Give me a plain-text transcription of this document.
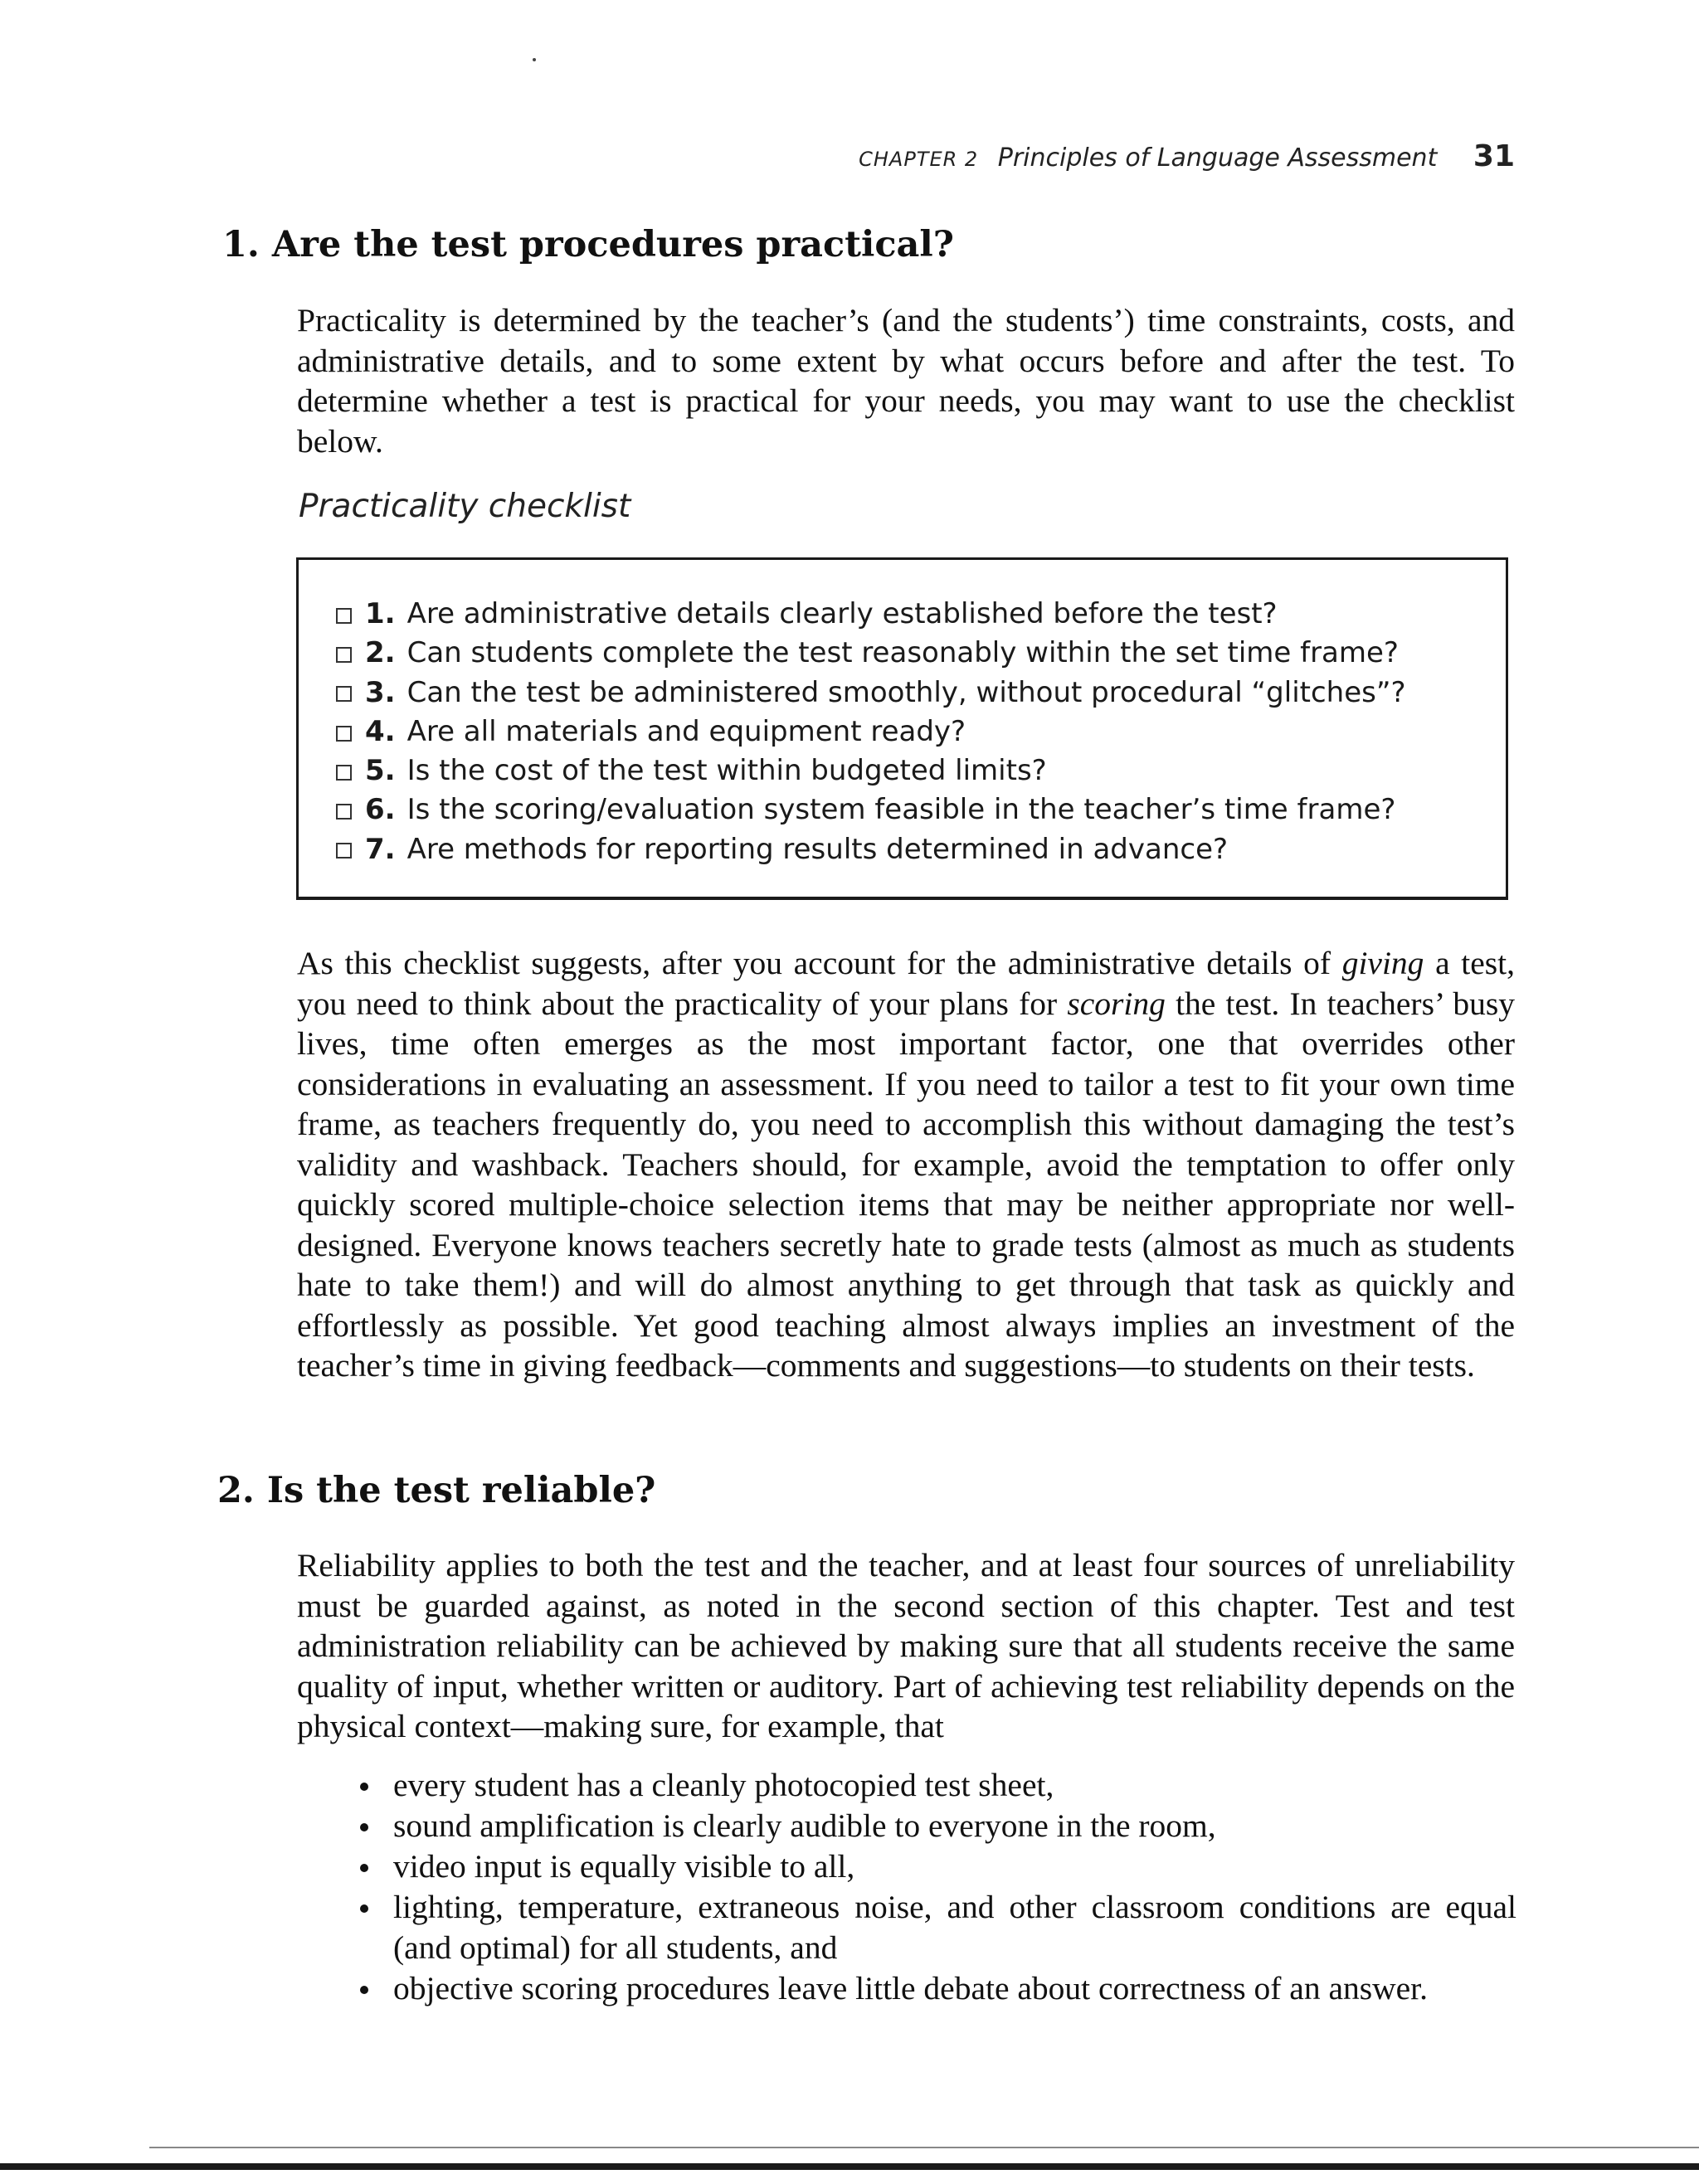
CHAPTER 2 Principles of Language Assessment 31
1. Are the test procedures practical?

Practicality is determined by the teacher’s (and the students’) time constraints, costs, and administrative details, and to some extent by what occurs before and after the test. To determine whether a test is practical for your needs, you may want to use the checklist below.

Practicality checklist
1. Are administrative details clearly established before the test?
2. Can students complete the test reasonably within the set time frame?
3. Can the test be administered smoothly, without procedural “glitches”?
4. Are all materials and equipment ready?
5. Is the cost of the test within budgeted limits?
6. Is the scoring/evaluation system feasible in the teacher’s time frame?
7. Are methods for reporting results determined in advance?

As this checklist suggests, after you account for the administrative details of giving a test, you need to think about the practicality of your plans for scoring the test. In teachers’ busy lives, time often emerges as the most important factor, one that overrides other considerations in evaluating an assessment. If you need to tailor a test to fit your own time frame, as teachers frequently do, you need to accomplish this without damaging the test’s validity and washback. Teachers should, for example, avoid the temptation to offer only quickly scored multiple-choice selection items that may be neither appropriate nor well-designed. Everyone knows teachers secretly hate to grade tests (almost as much as students hate to take them!) and will do almost anything to get through that task as quickly and effortlessly as possible. Yet good teaching almost always implies an investment of the teacher’s time in giving feedback—comments and suggestions—to students on their tests.

2. Is the test reliable?

Reliability applies to both the test and the teacher, and at least four sources of unreliability must be guarded against, as noted in the second section of this chapter. Test and test administration reliability can be achieved by making sure that all students receive the same quality of input, whether written or auditory. Part of achieving test reliability depends on the physical context—making sure, for example, that

every student has a cleanly photocopied test sheet,
sound amplification is clearly audible to everyone in the room,
video input is equally visible to all,
lighting, temperature, extraneous noise, and other classroom conditions are equal (and optimal) for all students, and
objective scoring procedures leave little debate about correctness of an answer.
